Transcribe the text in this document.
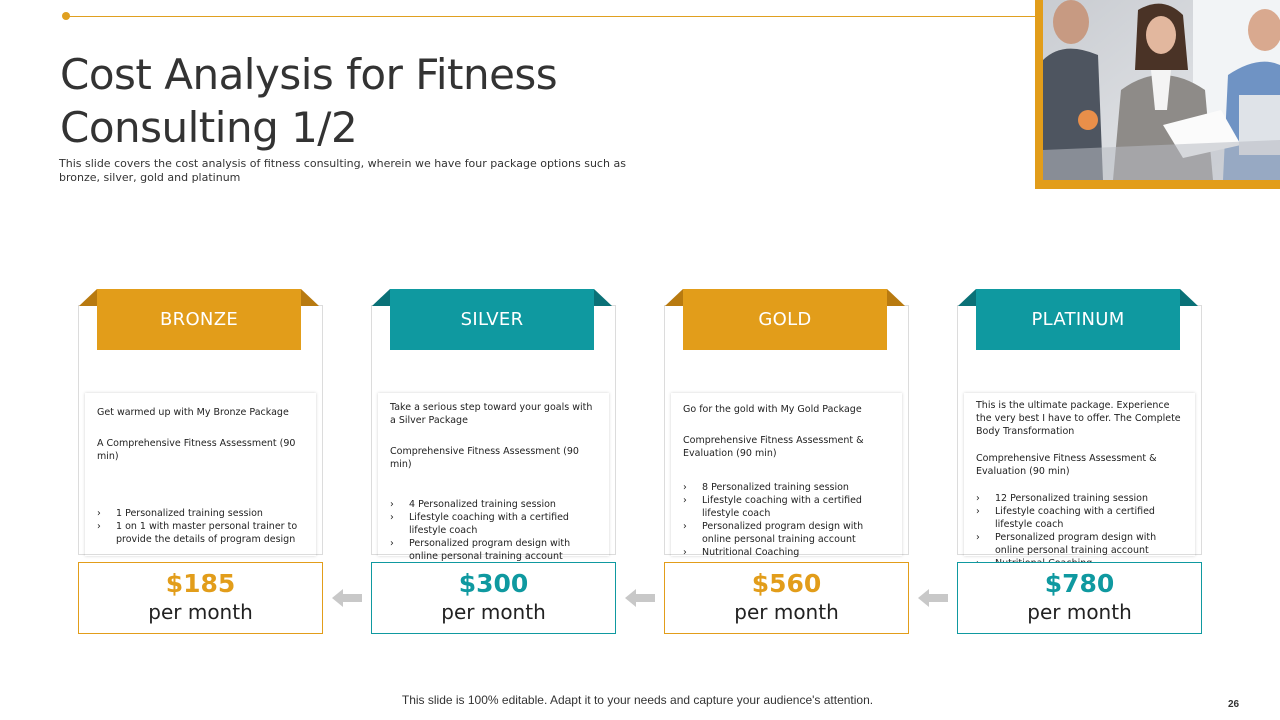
Cost Analysis for Fitness Consulting 1/2

This slide covers the cost analysis of fitness consulting, wherein we have four package options such as bronze, silver, gold and platinum

BRONZE
Get warmed up with My Bronze Package
A Comprehensive Fitness Assessment (90 min)
› 1 Personalized training session
› 1 on 1 with master personal trainer to provide the details of program design
SILVER
Take a serious step toward your goals with a Silver Package
Comprehensive Fitness Assessment (90 min)
› 4 Personalized training session
› Lifestyle coaching with a certified lifestyle coach
› Personalized program design with online personal training account
GOLD
Go for the gold with My Gold Package
Comprehensive Fitness Assessment & Evaluation (90 min)
› 8 Personalized training session
› Lifestyle coaching with a certified lifestyle coach
› Personalized program design with online personal training account
› Nutritional Coaching
PLATINUM
This is the ultimate package. Experience the very best I have to offer. The Complete Body Transformation
Comprehensive Fitness Assessment & Evaluation (90 min)
› 12 Personalized training session
› Lifestyle coaching with a certified lifestyle coach
› Personalized program design with online personal training account
›
$185
per month
$300
per month
$560
per month
$780
per month
This slide is 100% editable. Adapt it to your needs and capture your audience's attention.	26
